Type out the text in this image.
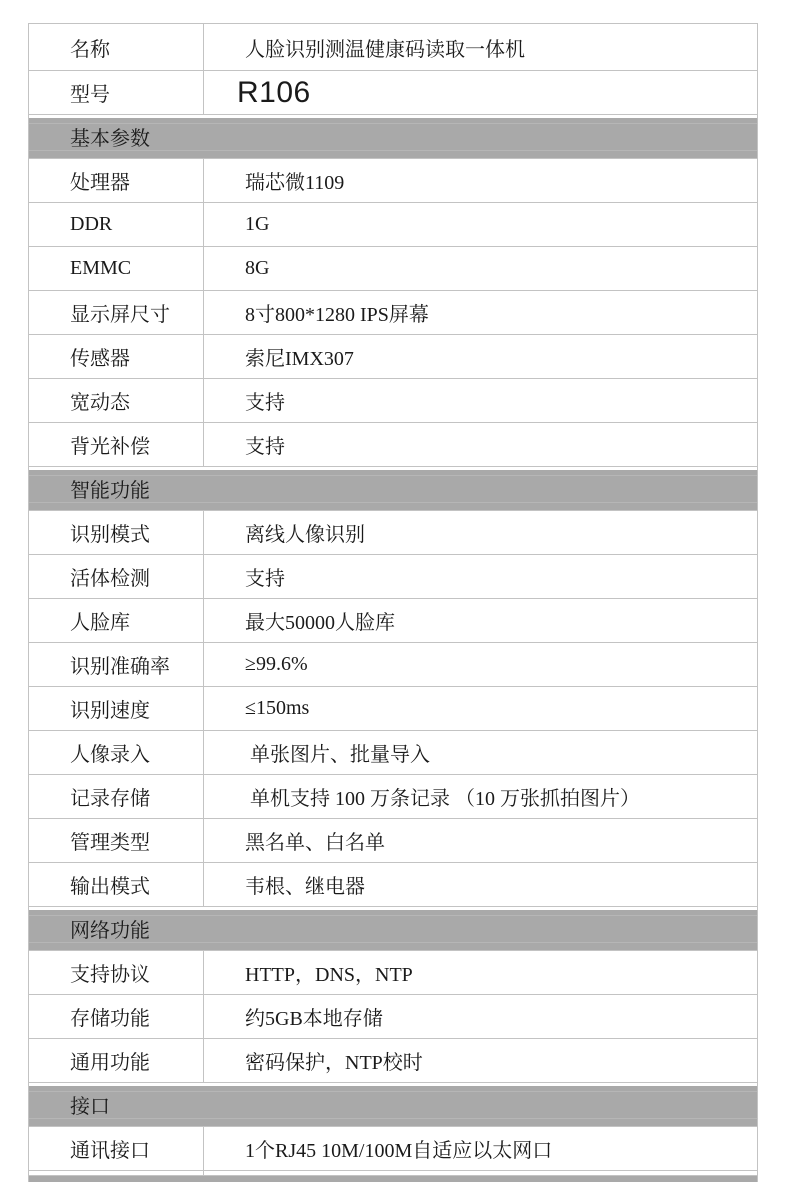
名称	人脸识别测温健康码读取一体机
型号	R106
基本参数
处理器	瑞芯微1109
DDR	1G
EMMC	8G
显示屏尺寸	8寸800*1280 IPS屏幕
传感器	索尼IMX307
宽动态	支持
背光补偿	支持
智能功能
识别模式	离线人像识别
活体检测	支持
人脸库	最大50000人脸库
识别准确率	≥99.6%
识别速度	≤150ms
人像录入	单张图片、批量导入
记录存储	单机支持 100 万条记录 （10 万张抓拍图片）
管理类型	黑名单、白名单
输出模式	韦根、继电器
网络功能
支持协议	HTTP，DNS，NTP
存储功能	约5GB本地存储
通用功能	密码保护，NTP校时
接口
通讯接口	1个RJ45 10M/100M自适应以太网口
